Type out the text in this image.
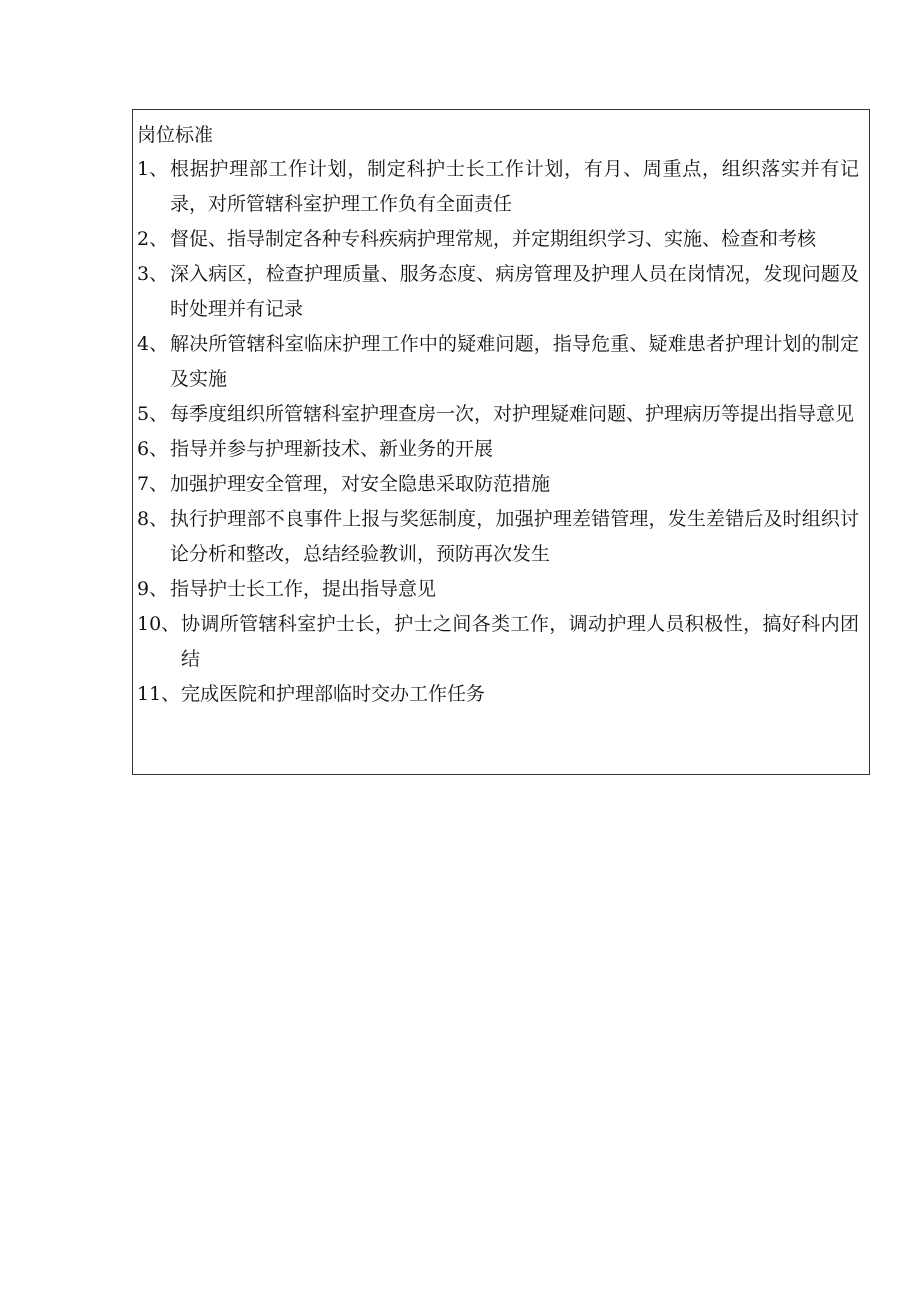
岗位标准
1、 根据护理部工作计划，制定科护士长工作计划，有月、周重点，组织落实并有记录，对所管辖科室护理工作负有全面责任
2、 督促、指导制定各种专科疾病护理常规，并定期组织学习、实施、检查和考核
3、 深入病区，检查护理质量、服务态度、病房管理及护理人员在岗情况，发现问题及时处理并有记录
4、 解决所管辖科室临床护理工作中的疑难问题，指导危重、疑难患者护理计划的制定及实施
5、 每季度组织所管辖科室护理查房一次，对护理疑难问题、护理病历等提出指导意见
6、 指导并参与护理新技术、新业务的开展
7、 加强护理安全管理，对安全隐患采取防范措施
8、 执行护理部不良事件上报与奖惩制度，加强护理差错管理，发生差错后及时组织讨论分析和整改，总结经验教训，预防再次发生
9、 指导护士长工作，提出指导意见
10、 协调所管辖科室护士长，护士之间各类工作，调动护理人员积极性，搞好科内团结
11、 完成医院和护理部临时交办工作任务
